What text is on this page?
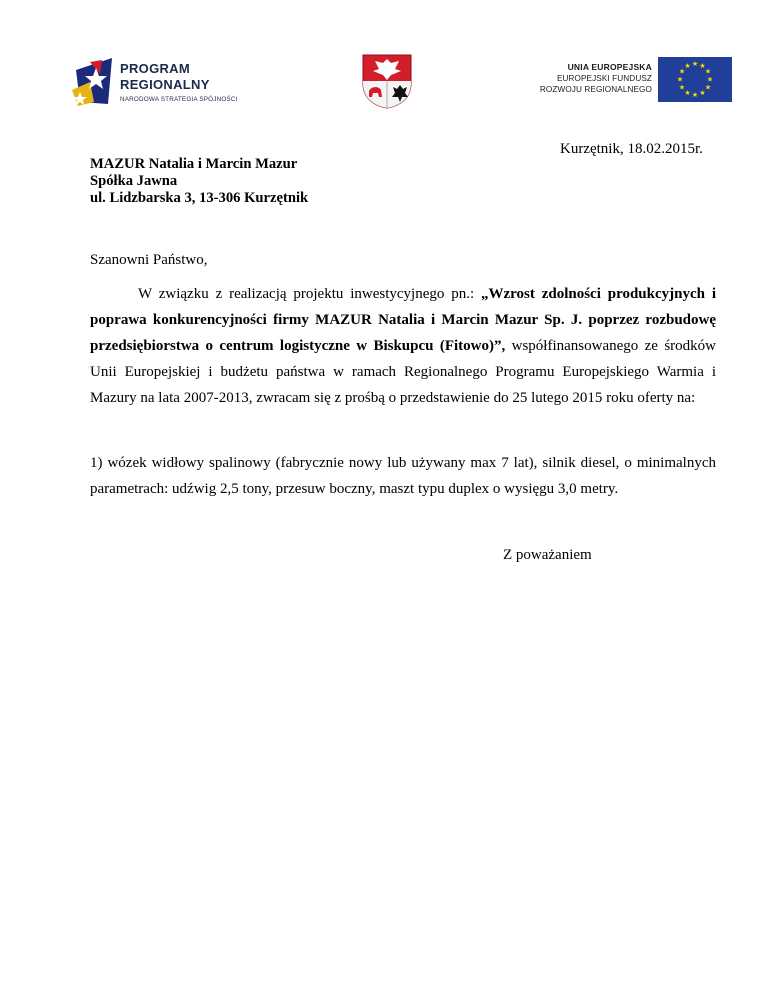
PROGRAM
REGIONALNY
NARODOWA STRATEGIA SPÓJNOŚCI
UNIA EUROPEJSKA
EUROPEJSKI FUNDUSZ
ROZWOJU REGIONALNEGO
★ ★
★
★
★
★
★
★
★
★
★
★
Kurzętnik, 18.02.2015r.
MAZUR Natalia i Marcin Mazur
Spółka Jawna
ul. Lidzbarska 3, 13-306 Kurzętnik
Szanowni Państwo,
W związku z realizacją projektu inwestycyjnego pn.: „Wzrost zdolności produkcyjnych i poprawa konkurencyjności firmy MAZUR Natalia i Marcin Mazur Sp. J. poprzez rozbudowę przedsiębiorstwa o centrum logistyczne w Biskupcu (Fitowo)”, współfinansowanego ze środków Unii Europejskiej i budżetu państwa w ramach Regionalnego Programu Europejskiego Warmia i Mazury na lata 2007-2013, zwracam się z prośbą o przedstawienie do 25 lutego 2015 roku oferty na:
1) wózek widłowy spalinowy (fabrycznie nowy lub używany max 7 lat), silnik diesel, o minimalnych parametrach: udźwig 2,5 tony, przesuw boczny, maszt typu duplex o wysięgu 3,0 metry.
Z poważaniem
